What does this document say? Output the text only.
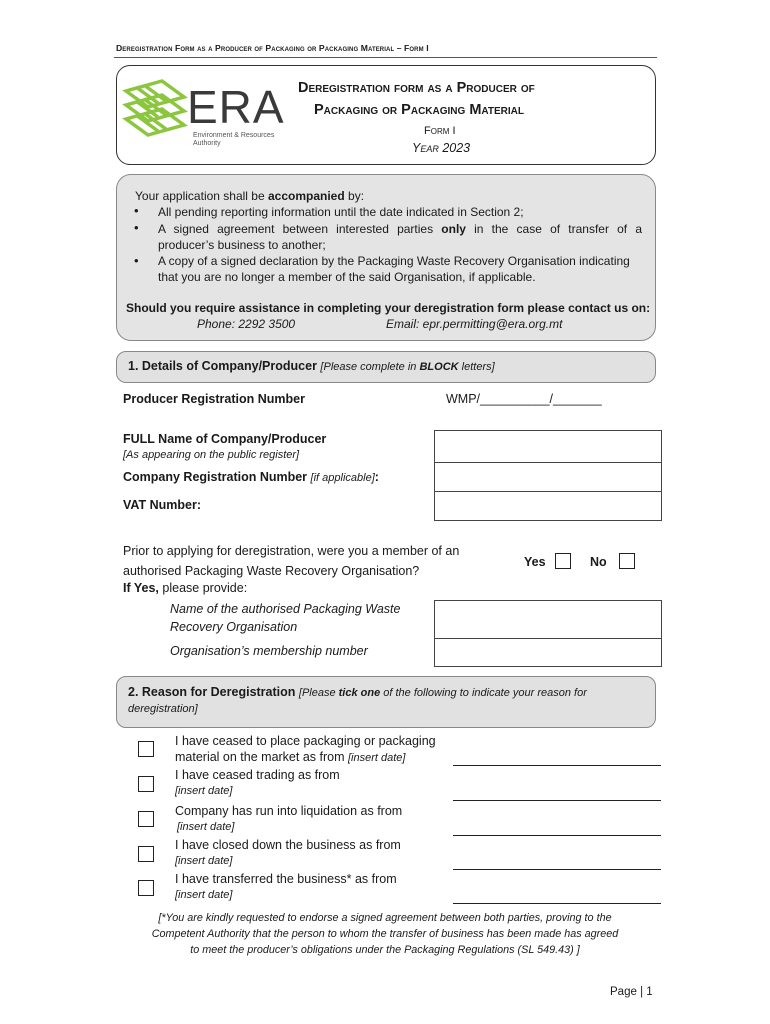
Deregistration Form as a Producer of Packaging or Packaging Material – Form I
ERA
Environment & Resources
Authority
Deregistration form as a Producer of
Packaging or Packaging Material
Form I
Year 2023
Your application shall be accompanied by:
• All pending reporting information until the date indicated in Section 2;
• A signed agreement between interested parties only in the case of transfer of a
producer’s business to another;
• A copy of a signed declaration by the Packaging Waste Recovery Organisation indicating
that you are no longer a member of the said Organisation, if applicable.
Should you require assistance in completing your deregistration form please contact us on:
Phone: 2292 3500	Email: epr.permitting@era.org.mt
1. Details of Company/Producer [Please complete in BLOCK letters]
Producer Registration Number	WMP/__________/_______
FULL Name of Company/Producer
[As appearing on the public register]
Company Registration Number [if applicable]:
VAT Number:
Prior to applying for deregistration, were you a member of an
authorised Packaging Waste Recovery Organisation?
Yes	No
If Yes, please provide:
Name of the authorised Packaging Waste
Recovery Organisation
Organisation’s membership number
2. Reason for Deregistration [Please tick one of the following to indicate your reason for
deregistration]
I have ceased to place packaging or packaging
material on the market as from [insert date]
I have ceased trading as from
[insert date]
Company has run into liquidation as from
[insert date]
I have closed down the business as from
[insert date]
I have transferred the business* as from
[insert date]
[*You are kindly requested to endorse a signed agreement between both parties, proving to the
Competent Authority that the person to whom the transfer of business has been made has agreed
to meet the producer’s obligations under the Packaging Regulations (SL 549.43) ]
Page | 1
